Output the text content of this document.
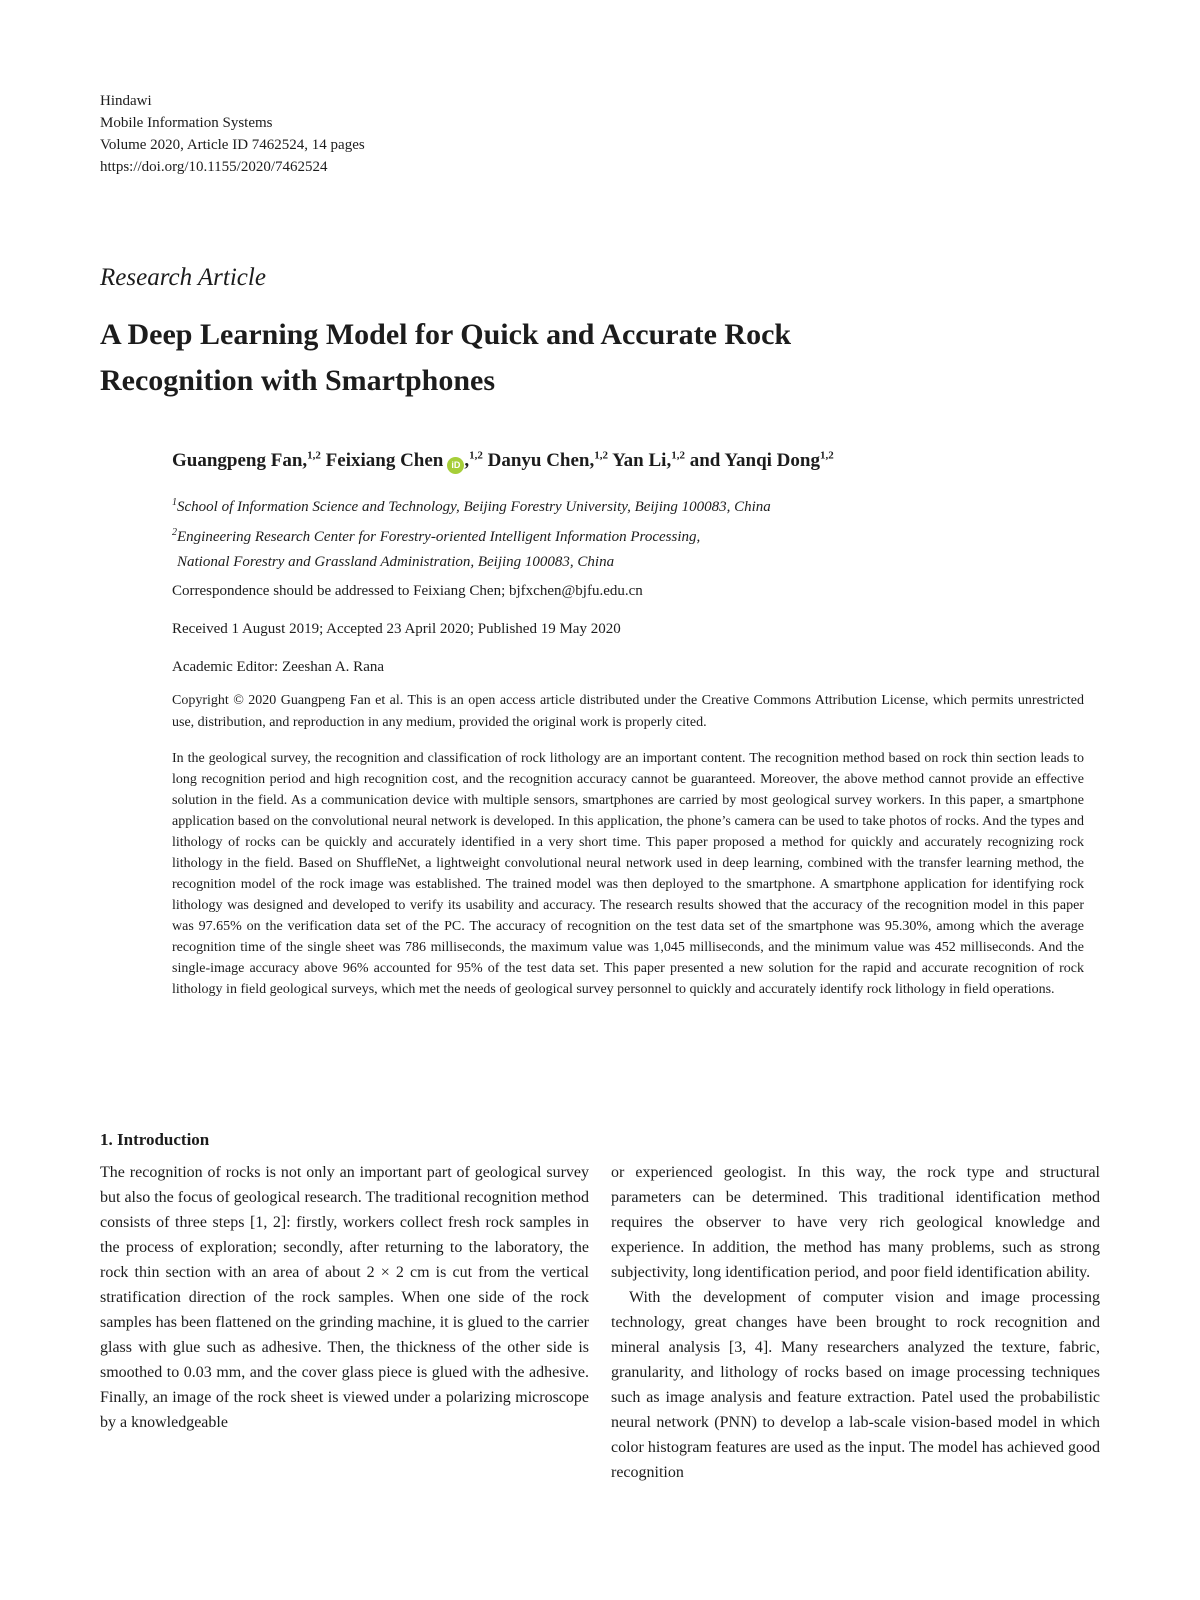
Hindawi
Mobile Information Systems
Volume 2020, Article ID 7462524, 14 pages
https://doi.org/10.1155/2020/7462524
Research Article
A Deep Learning Model for Quick and Accurate Rock
Recognition with Smartphones
Guangpeng Fan,$^{1,2}$ Feixiang Chen iD ,$^{1,2}$ Danyu Chen,$^{1,2}$ Yan Li,$^{1,2}$ and Yanqi Dong$^{1,2}$
$^1$School of Information Science and Technology, Beijing Forestry University, Beijing 100083, China
$^2$Engineering Research Center for Forestry-oriented Intelligent Information Processing,
National Forestry and Grassland Administration, Beijing 100083, China
Correspondence should be addressed to Feixiang Chen; bjfxchen@bjfu.edu.cn
Received 1 August 2019; Accepted 23 April 2020; Published 19 May 2020
Academic Editor: Zeeshan A. Rana
Copyright © 2020 Guangpeng Fan et al. This is an open access article distributed under the Creative Commons Attribution License, which permits unrestricted use, distribution, and reproduction in any medium, provided the original work is properly cited.
In the geological survey, the recognition and classification of rock lithology are an important content. The recognition method based on rock thin section leads to long recognition period and high recognition cost, and the recognition accuracy cannot be guaranteed. Moreover, the above method cannot provide an effective solution in the field. As a communication device with multiple sensors, smartphones are carried by most geological survey workers. In this paper, a smartphone application based on the convolutional neural network is developed. In this application, the phone’s camera can be used to take photos of rocks. And the types and lithology of rocks can be quickly and accurately identified in a very short time. This paper proposed a method for quickly and accurately recognizing rock lithology in the field. Based on ShuffleNet, a lightweight convolutional neural network used in deep learning, combined with the transfer learning method, the recognition model of the rock image was established. The trained model was then deployed to the smartphone. A smartphone application for identifying rock lithology was designed and developed to verify its usability and accuracy. The research results showed that the accuracy of the recognition model in this paper was 97.65% on the verification data set of the PC. The accuracy of recognition on the test data set of the smartphone was 95.30%, among which the average recognition time of the single sheet was 786 milliseconds, the maximum value was 1,045 milliseconds, and the minimum value was 452 milliseconds. And the single-image accuracy above 96% accounted for 95% of the test data set. This paper presented a new solution for the rapid and accurate recognition of rock lithology in field geological surveys, which met the needs of geological survey personnel to quickly and accurately identify rock lithology in field operations.
1. Introduction

The recognition of rocks is not only an important part of geological survey but also the focus of geological research. The traditional recognition method consists of three steps [1, 2]: firstly, workers collect fresh rock samples in the process of exploration; secondly, after returning to the laboratory, the rock thin section with an area of about 2 × 2 cm is cut from the vertical stratification direction of the rock samples. When one side of the rock samples has been flattened on the grinding machine, it is glued to the carrier glass with glue such as adhesive. Then, the thickness of the other side is smoothed to 0.03 mm, and the cover glass piece is glued with the adhesive. Finally, an image of the rock sheet is viewed under a polarizing microscope by a knowledgeable

or experienced geologist. In this way, the rock type and structural parameters can be determined. This traditional identification method requires the observer to have very rich geological knowledge and experience. In addition, the method has many problems, such as strong subjectivity, long identification period, and poor field identification ability.

With the development of computer vision and image processing technology, great changes have been brought to rock recognition and mineral analysis [3, 4]. Many researchers analyzed the texture, fabric, granularity, and lithology of rocks based on image processing techniques such as image analysis and feature extraction. Patel used the probabilistic neural network (PNN) to develop a lab-scale vision-based model in which color histogram features are used as the input. The model has achieved good recognition
